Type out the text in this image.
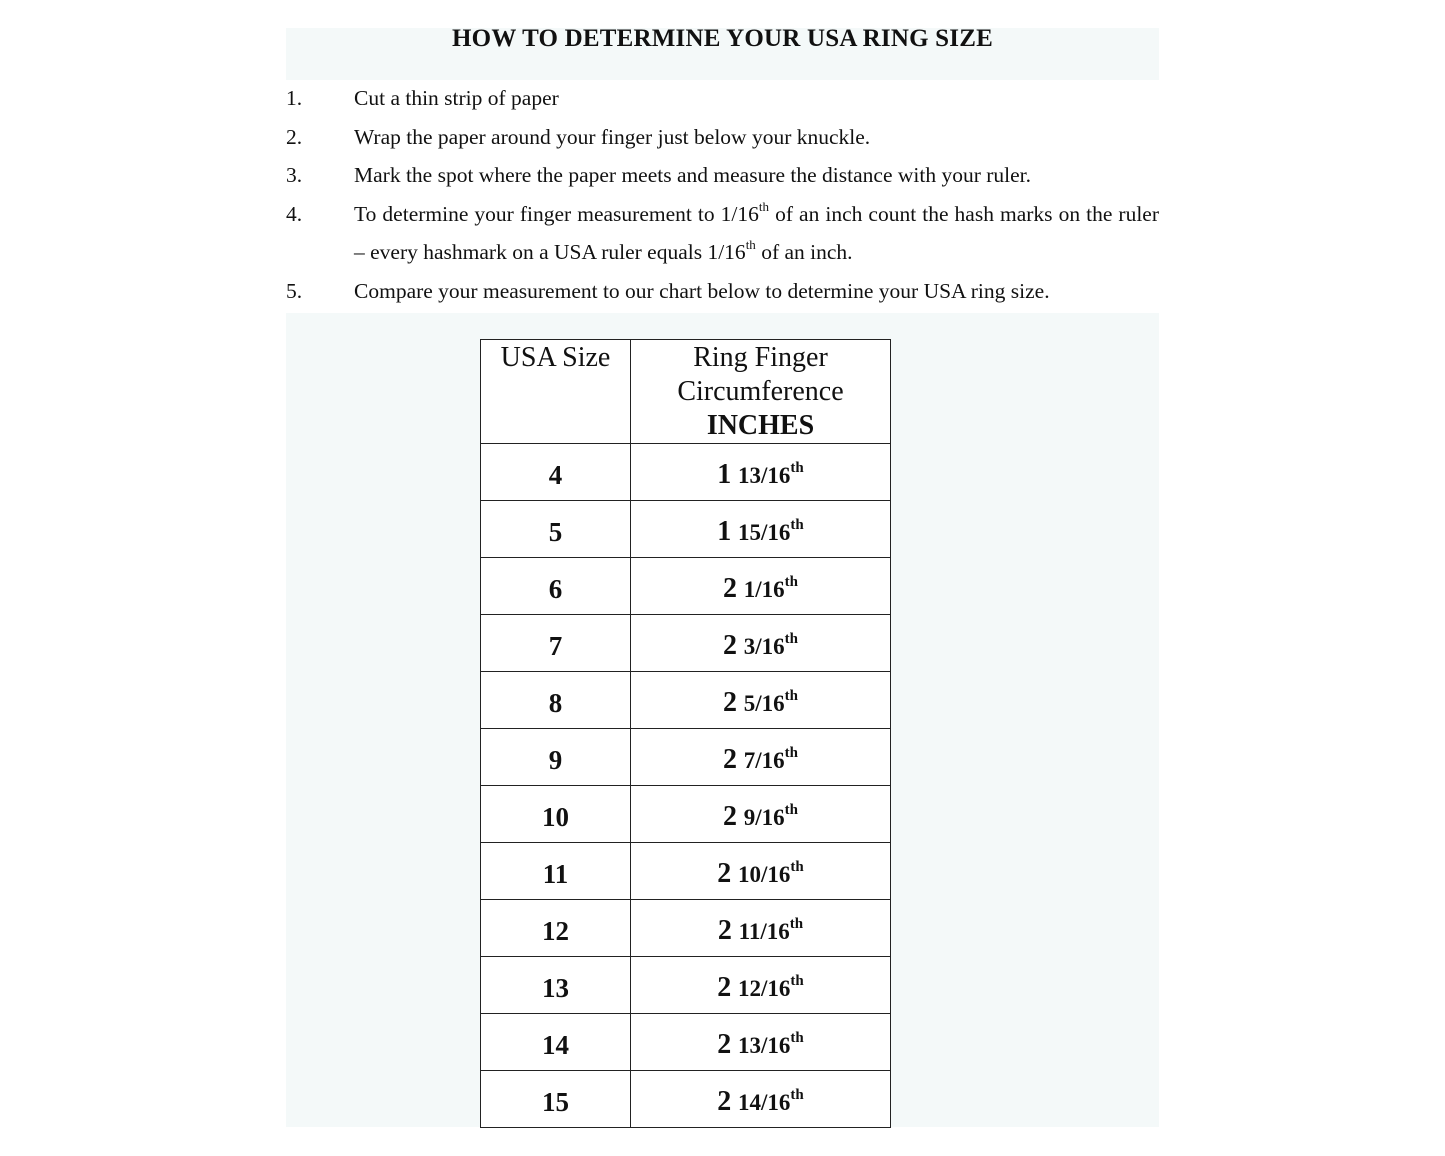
HOW TO DETERMINE YOUR USA RING SIZE
1. Cut a thin strip of paper
2. Wrap the paper around your finger just below your knuckle.
3. Mark the spot where the paper meets and measure the distance with your ruler.
4. To determine your finger measurement to 1/16th of an inch count the hash marks on the ruler – every hashmark on a USA ruler equals 1/16th of an inch.
5. Compare your measurement to our chart below to determine your USA ring size.
USA Size	Ring Finger
Circumference
INCHES

4	1 13/16th
5	1 15/16th
6	2 1/16th
7	2 3/16th
8	2 5/16th
9	2 7/16th
10	2 9/16th
11	2 10/16th
12	2 11/16th
13	2 12/16th
14	2 13/16th
15	2 14/16th
